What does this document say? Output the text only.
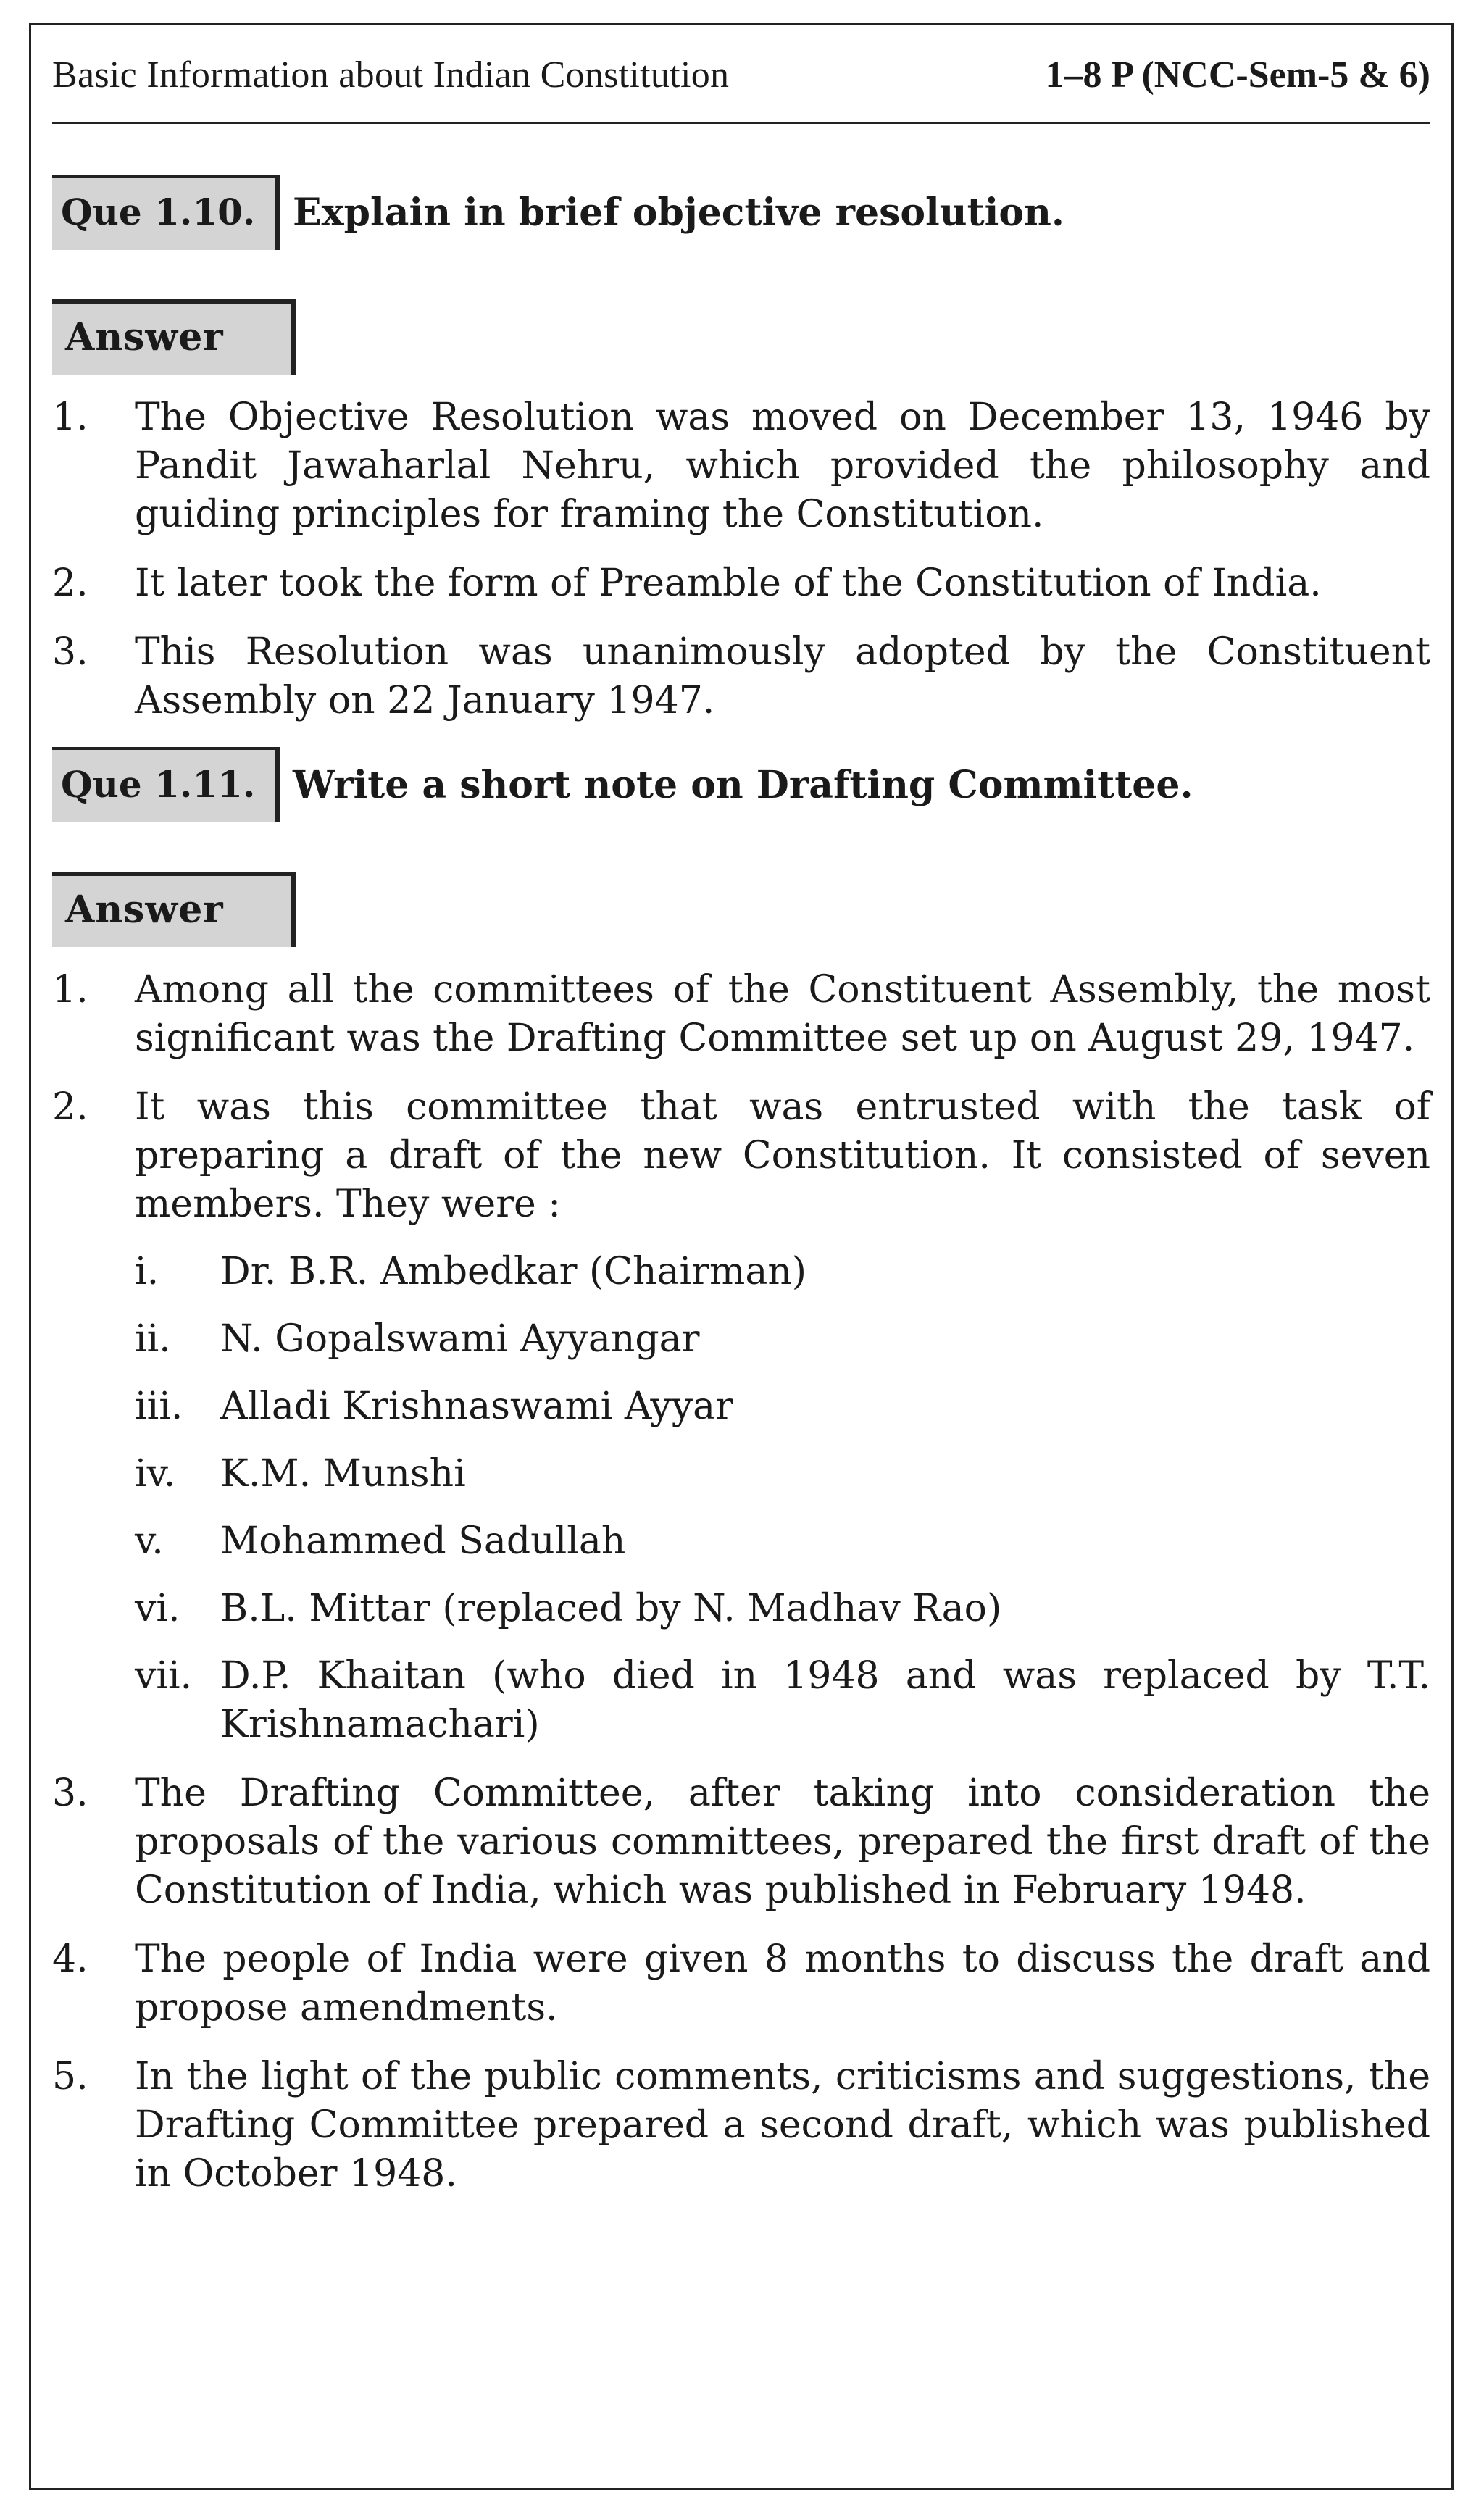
Basic Information about Indian Constitution	1–8 P (NCC-Sem-5 & 6)
Que 1.10. Explain in brief objective resolution.
Answer
1. The Objective Resolution was moved on December 13, 1946 by Pandit Jawaharlal Nehru, which provided the philosophy and guiding principles for framing the Constitution.
2. It later took the form of Preamble of the Constitution of India.
3. This Resolution was unanimously adopted by the Constituent Assembly on 22 January 1947.
Que 1.11. Write a short note on Drafting Committee.
Answer
1. Among all the committees of the Constituent Assembly, the most significant was the Drafting Committee set up on August 29, 1947.
2. It was this committee that was entrusted with the task of preparing a draft of the new Constitution. It consisted of seven members. They were :
i. Dr. B.R. Ambedkar (Chairman)
ii. N. Gopalswami Ayyangar
iii. Alladi Krishnaswami Ayyar
iv. K.M. Munshi
v. Mohammed Sadullah
vi. B.L. Mittar (replaced by N. Madhav Rao)
vii. D.P. Khaitan (who died in 1948 and was replaced by T.T. Krishnamachari)
3. The Drafting Committee, after taking into consideration the proposals of the various committees, prepared the first draft of the Constitution of India, which was published in February 1948.
4. The people of India were given 8 months to discuss the draft and propose amendments.
5. In the light of the public comments, criticisms and suggestions, the Drafting Committee prepared a second draft, which was published in October 1948.
